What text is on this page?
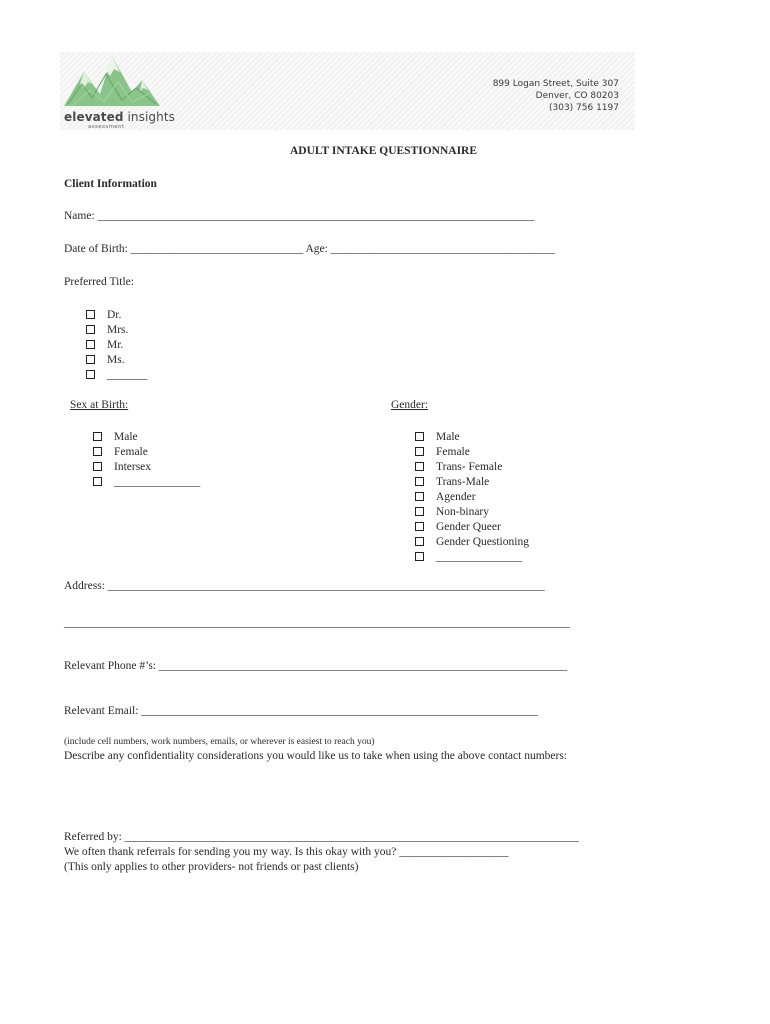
elevated insights
assessment
899 Logan Street, Suite 307
Denver, CO 80203
(303) 756 1197
ADULT INTAKE QUESTIONNAIRE
Client Information
Name: ____________________________________________________________________________
Date of Birth: ______________________________ Age: _______________________________________
Preferred Title:
Dr.
Mrs.
Mr.
Ms.
_______
Sex at Birth:	Gender:
Male
Female
Intersex
_______________
Male
Female
Trans- Female
Trans-Male
Agender
Non-binary
Gender Queer
Gender Questioning
_______________
Address: ____________________________________________________________________________
________________________________________________________________________________________
Relevant Phone #’s: _______________________________________________________________________
Relevant Email: _____________________________________________________________________
(include cell numbers, work numbers, emails, or wherever is easiest to reach you)
Describe any confidentiality considerations you would like us to take when using the above contact numbers:
Referred by: _______________________________________________________________________________
We often thank referrals for sending you my way. Is this okay with you? ___________________
(This only applies to other providers- not friends or past clients)
